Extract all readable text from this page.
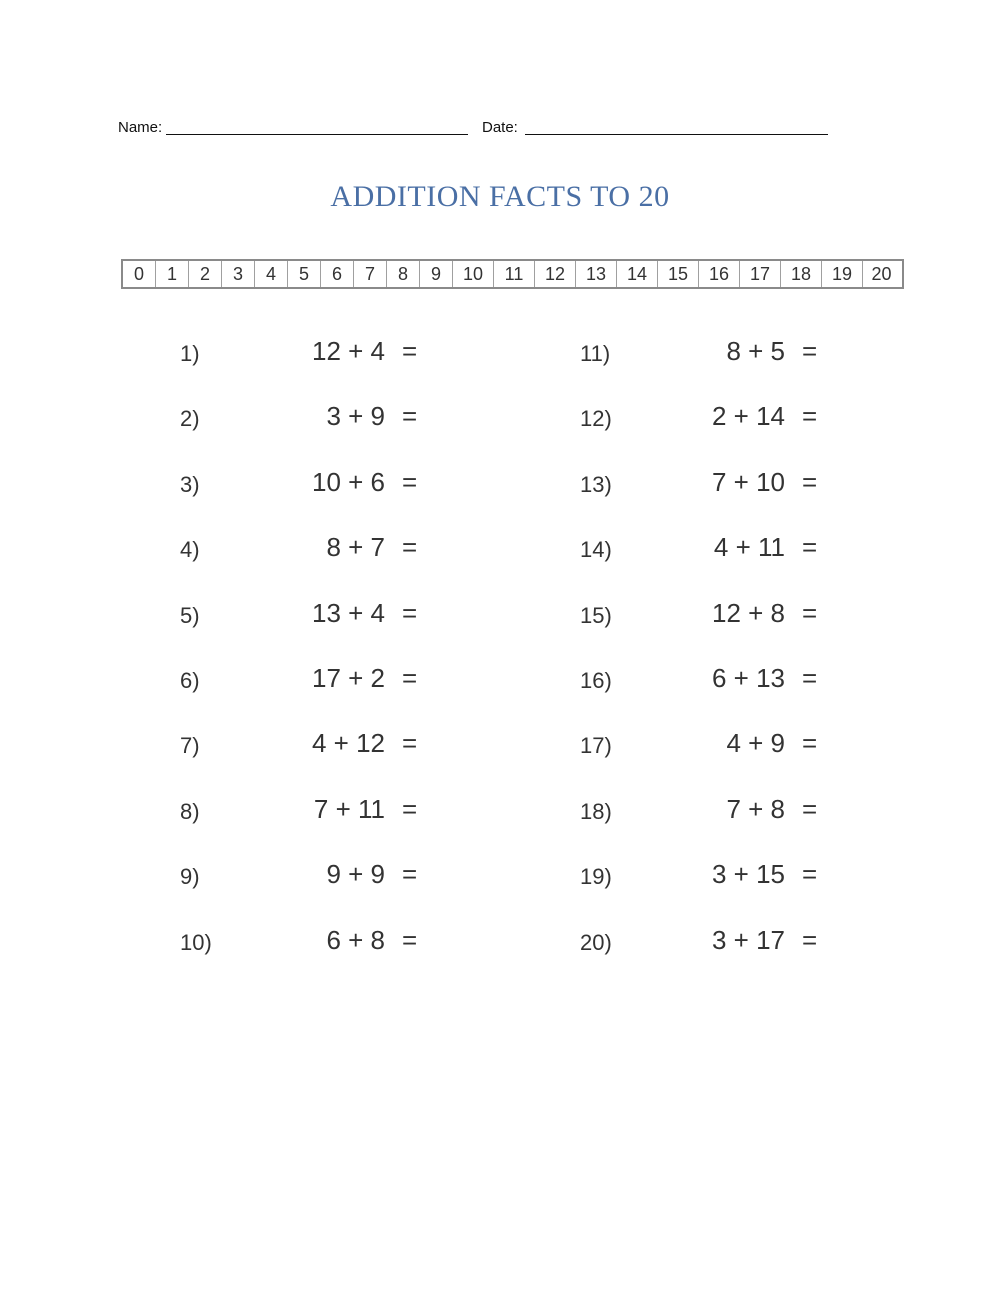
Name:	Date:
ADDITION FACTS TO 20
0	1	2	3	4	5	6	7	8	9	10	11	12	13	14	15	16	17	18	19	20
1)	12 + 4 =
2)	3 + 9 =
3)	10 + 6 =
4)	8 + 7 =
5)	13 + 4 =
6)	17 + 2 =
7)	4 + 12 =
8)	7 + 11 =
9)	9 + 9 =
10)	6 + 8 =
11)	8 + 5 =
12)	2 + 14 =
13)	7 + 10 =
14)	4 + 11 =
15)	12 + 8 =
16)	6 + 13 =
17)	4 + 9 =
18)	7 + 8 =
19)	3 + 15 =
20)	3 + 17 =
